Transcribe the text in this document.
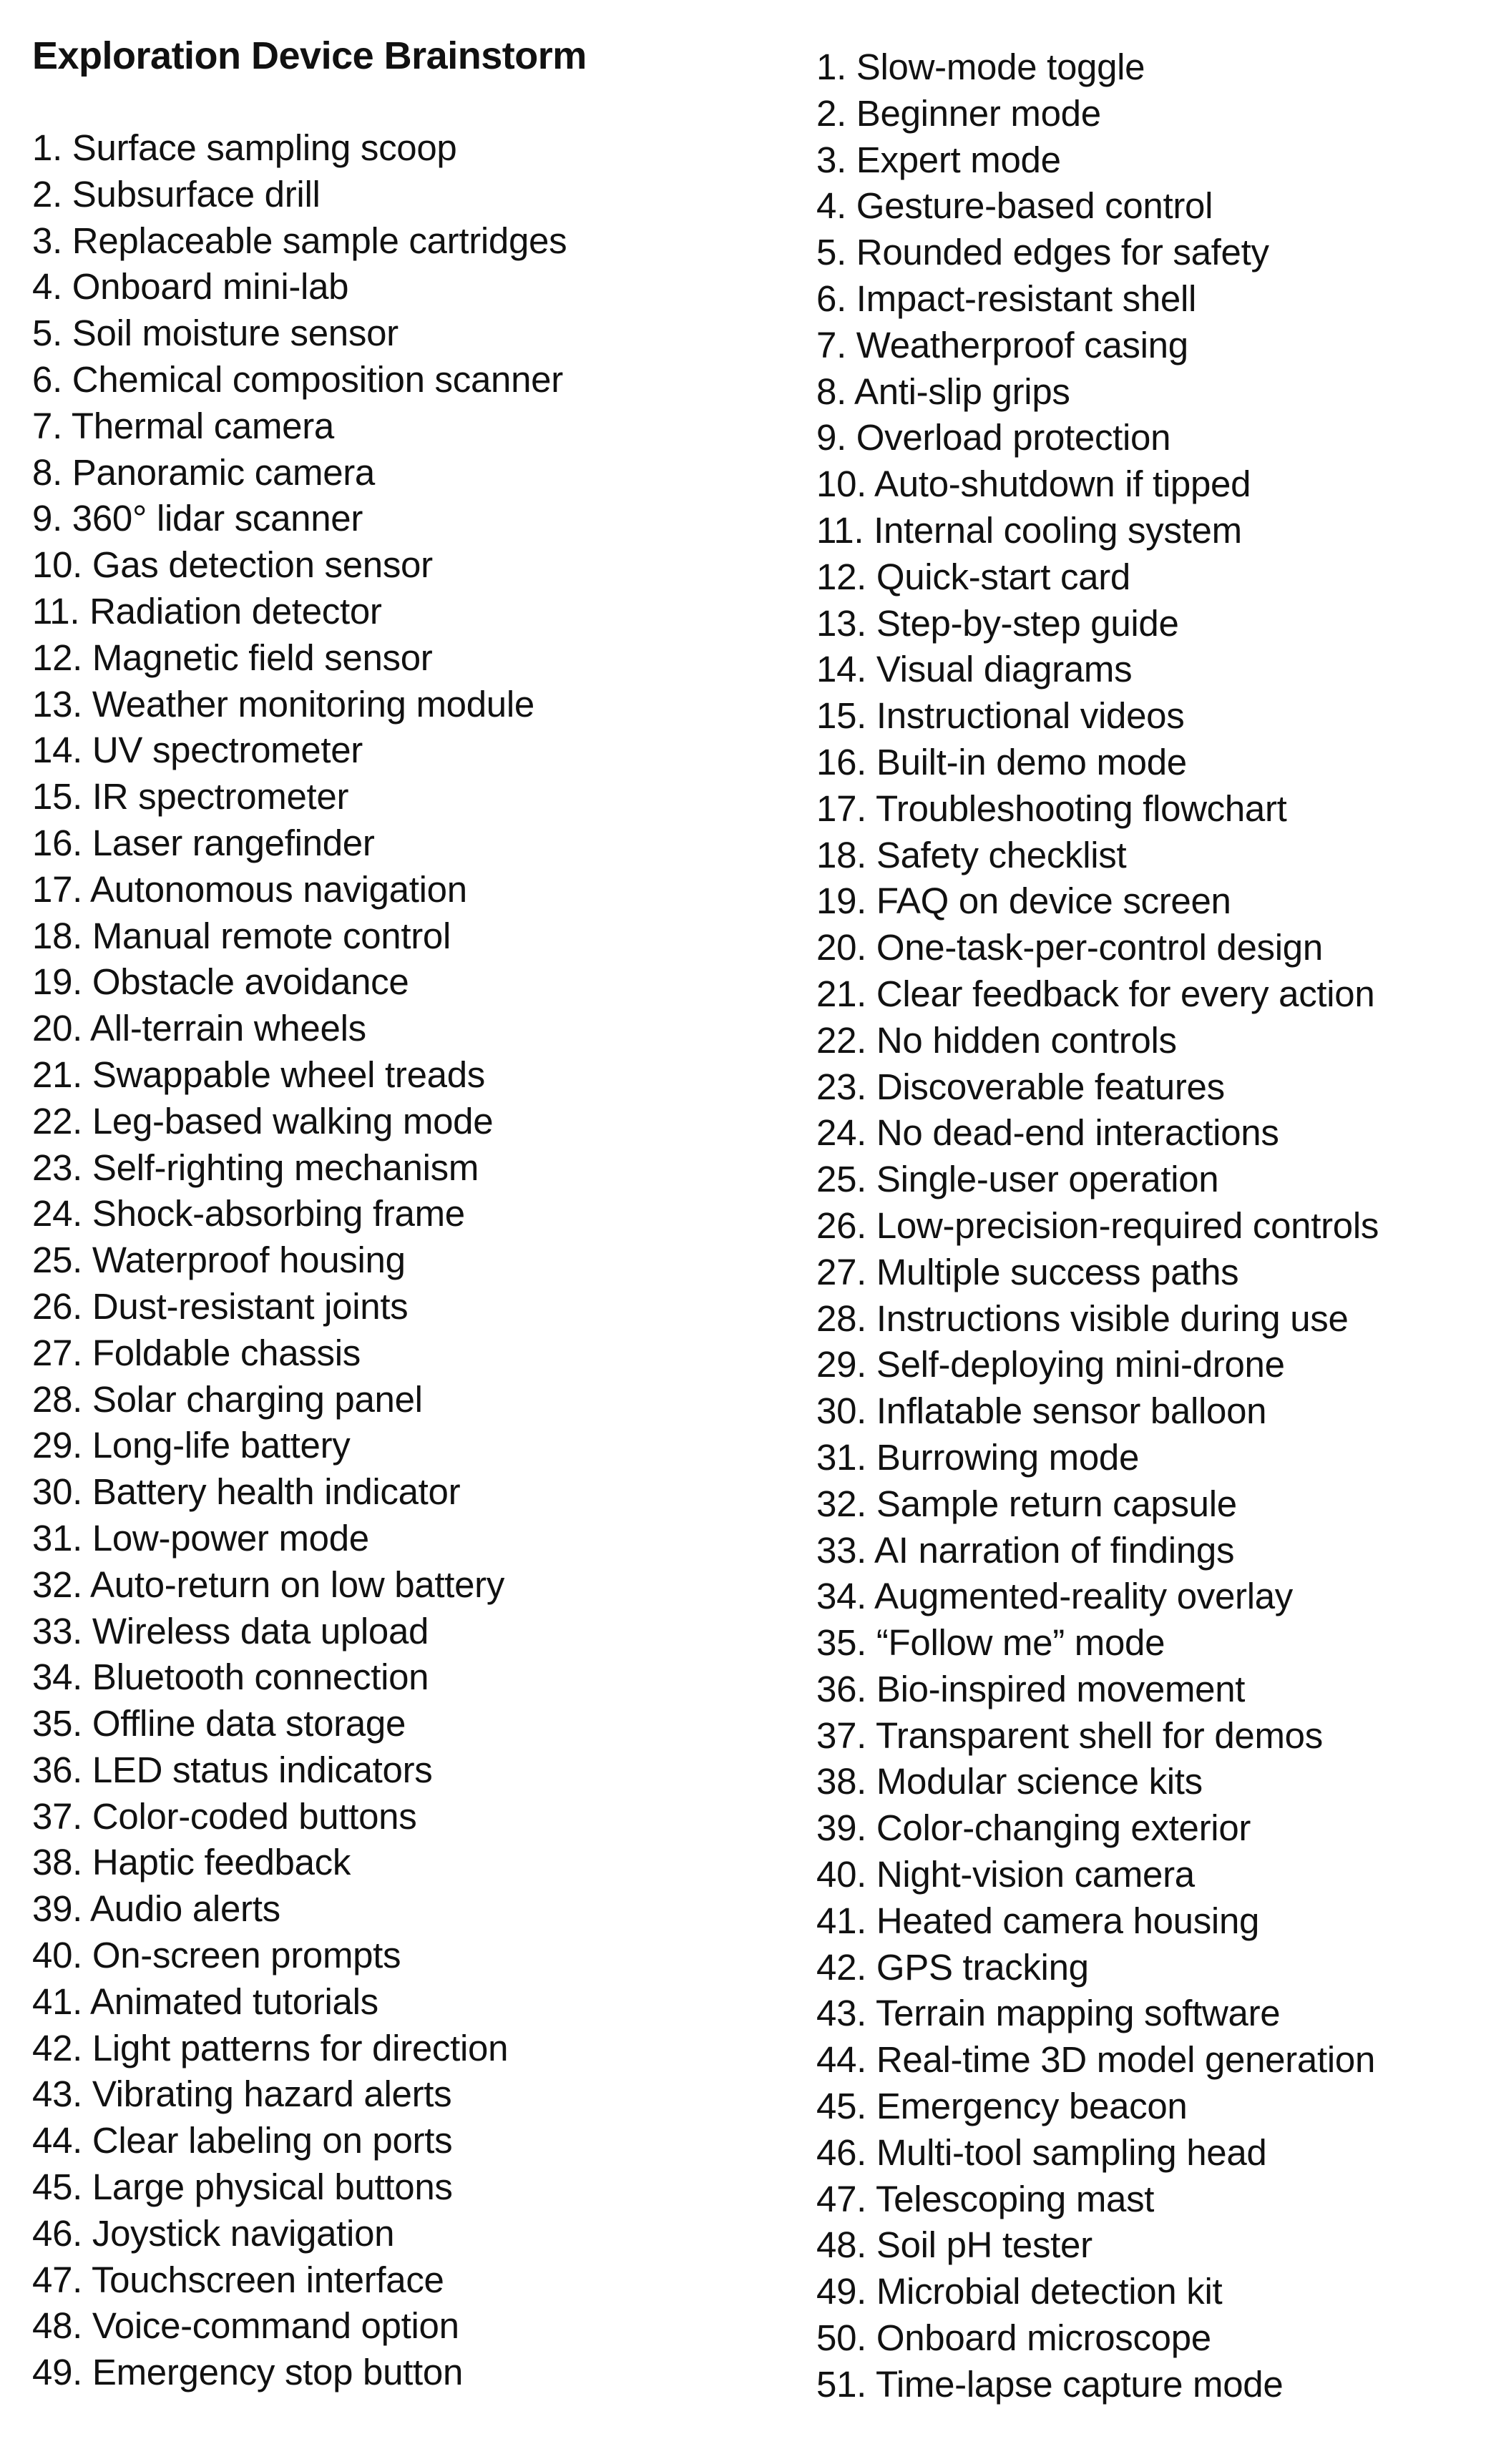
Exploration Device Brainstorm
1. Surface sampling scoop
2. Subsurface drill
3. Replaceable sample cartridges
4. Onboard mini-lab
5. Soil moisture sensor
6. Chemical composition scanner
7. Thermal camera
8. Panoramic camera
9. 360° lidar scanner
10. Gas detection sensor
11. Radiation detector
12. Magnetic field sensor
13. Weather monitoring module
14. UV spectrometer
15. IR spectrometer
16. Laser rangefinder
17. Autonomous navigation
18. Manual remote control
19. Obstacle avoidance
20. All-terrain wheels
21. Swappable wheel treads
22. Leg-based walking mode
23. Self-righting mechanism
24. Shock-absorbing frame
25. Waterproof housing
26. Dust-resistant joints
27. Foldable chassis
28. Solar charging panel
29. Long-life battery
30. Battery health indicator
31. Low-power mode
32. Auto-return on low battery
33. Wireless data upload
34. Bluetooth connection
35. Offline data storage
36. LED status indicators
37. Color-coded buttons
38. Haptic feedback
39. Audio alerts
40. On-screen prompts
41. Animated tutorials
42. Light patterns for direction
43. Vibrating hazard alerts
44. Clear labeling on ports
45. Large physical buttons
46. Joystick navigation
47. Touchscreen interface
48. Voice-command option
49. Emergency stop button
1. Slow-mode toggle
2. Beginner mode
3. Expert mode
4. Gesture-based control
5. Rounded edges for safety
6. Impact-resistant shell
7. Weatherproof casing
8. Anti-slip grips
9. Overload protection
10. Auto-shutdown if tipped
11. Internal cooling system
12. Quick-start card
13. Step-by-step guide
14. Visual diagrams
15. Instructional videos
16. Built-in demo mode
17. Troubleshooting flowchart
18. Safety checklist
19. FAQ on device screen
20. One-task-per-control design
21. Clear feedback for every action
22. No hidden controls
23. Discoverable features
24. No dead-end interactions
25. Single-user operation
26. Low-precision-required controls
27. Multiple success paths
28. Instructions visible during use
29. Self-deploying mini-drone
30. Inflatable sensor balloon
31. Burrowing mode
32. Sample return capsule
33. AI narration of findings
34. Augmented-reality overlay
35. “Follow me” mode
36. Bio-inspired movement
37. Transparent shell for demos
38. Modular science kits
39. Color-changing exterior
40. Night-vision camera
41. Heated camera housing
42. GPS tracking
43. Terrain mapping software
44. Real-time 3D model generation
45. Emergency beacon
46. Multi-tool sampling head
47. Telescoping mast
48. Soil pH tester
49. Microbial detection kit
50. Onboard microscope
51. Time-lapse capture mode
